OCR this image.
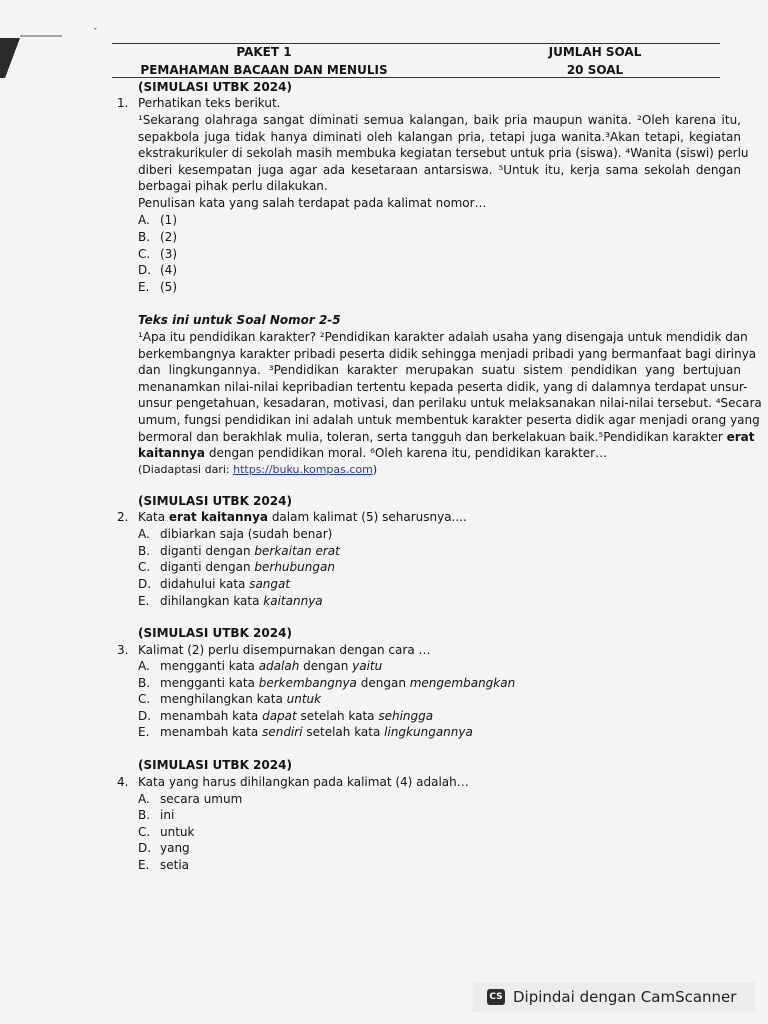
ˇ
PAKET 1	JUMLAH SOAL
PEMAHAMAN BACAAN DAN MENULIS	20 SOAL
(SIMULASI UTBK 2024)
1. Perhatikan teks berikut.
¹Sekarang olahraga sangat diminati semua kalangan, baik pria maupun wanita. ²Oleh karena itu,
sepakbola juga tidak hanya diminati oleh kalangan pria, tetapi juga wanita.³Akan tetapi, kegiatan
ekstrakurikuler di sekolah masih membuka kegiatan tersebut untuk pria (siswa). ⁴Wanita (siswi) perlu
diberi kesempatan juga agar ada kesetaraan antarsiswa. ⁵Untuk itu, kerja sama sekolah dengan
berbagai pihak perlu dilakukan.
Penulisan kata yang salah terdapat pada kalimat nomor…
A. (1)
B. (2)
C. (3)
D. (4)
E. (5)
Teks ini untuk Soal Nomor 2-5
¹Apa itu pendidikan karakter? ²Pendidikan karakter adalah usaha yang disengaja untuk mendidik dan
berkembangnya karakter pribadi peserta didik sehingga menjadi pribadi yang bermanfaat bagi dirinya
dan lingkungannya. ³Pendidikan karakter merupakan suatu sistem pendidikan yang bertujuan
menanamkan nilai-nilai kepribadian tertentu kepada peserta didik, yang di dalamnya terdapat unsur-
unsur pengetahuan, kesadaran, motivasi, dan perilaku untuk melaksanakan nilai-nilai tersebut. ⁴Secara
umum, fungsi pendidikan ini adalah untuk membentuk karakter peserta didik agar menjadi orang yang
bermoral dan berakhlak mulia, toleran, serta tangguh dan berkelakuan baik.⁵Pendidikan karakter erat
kaitannya dengan pendidikan moral. ⁶Oleh karena itu, pendidikan karakter…
(Diadaptasi dari: https://buku.kompas.com)
(SIMULASI UTBK 2024)
2. Kata erat kaitannya dalam kalimat (5) seharusnya....
A. dibiarkan saja (sudah benar)
B. diganti dengan berkaitan erat
C. diganti dengan berhubungan
D. didahului kata sangat
E. dihilangkan kata kaitannya
(SIMULASI UTBK 2024)
3. Kalimat (2) perlu disempurnakan dengan cara …
A. mengganti kata adalah dengan yaitu
B. mengganti kata berkembangnya dengan mengembangkan
C. menghilangkan kata untuk
D. menambah kata dapat setelah kata sehingga
E. menambah kata sendiri setelah kata lingkungannya
(SIMULASI UTBK 2024)
4. Kata yang harus dihilangkan pada kalimat (4) adalah…
A. secara umum
B. ini
C. untuk
D. yang
E. setia
CS Dipindai dengan CamScanner
